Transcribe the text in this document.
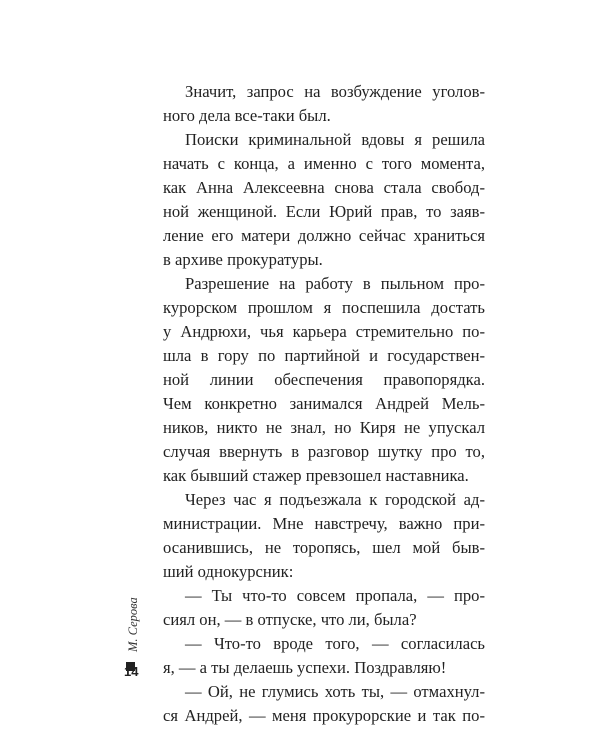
Значит, запрос на возбуждение уголов-
ного дела все-таки был.
Поиски криминальной вдовы я решила
начать с конца, а именно с того момента,
как Анна Алексеевна снова стала свобод-
ной женщиной. Если Юрий прав, то заяв-
ление его матери должно сейчас храниться
в архиве прокуратуры.
Разрешение на работу в пыльном про-
курорском прошлом я поспешила достать
у Андрюхи, чья карьера стремительно по-
шла в гору по партийной и государствен-
ной линии обеспечения правопорядка.
Чем конкретно занимался Андрей Мель-
ников, никто не знал, но Киря не упускал
случая ввернуть в разговор шутку про то,
как бывший стажер превзошел наставника.
Через час я подъезжала к городской ад-
министрации. Мне навстречу, важно при-
осанившись, не торопясь, шел мой быв-
ший однокурсник:
— Ты что-то совсем пропала, — про-
сиял он, — в отпуске, что ли, была?
— Что-то вроде того, — согласилась
я, — а ты делаешь успехи. Поздравляю!
— Ой, не глумись хоть ты, — отмахнул-
ся Андрей, — меня прокурорские и так по-
М. Серова
14
